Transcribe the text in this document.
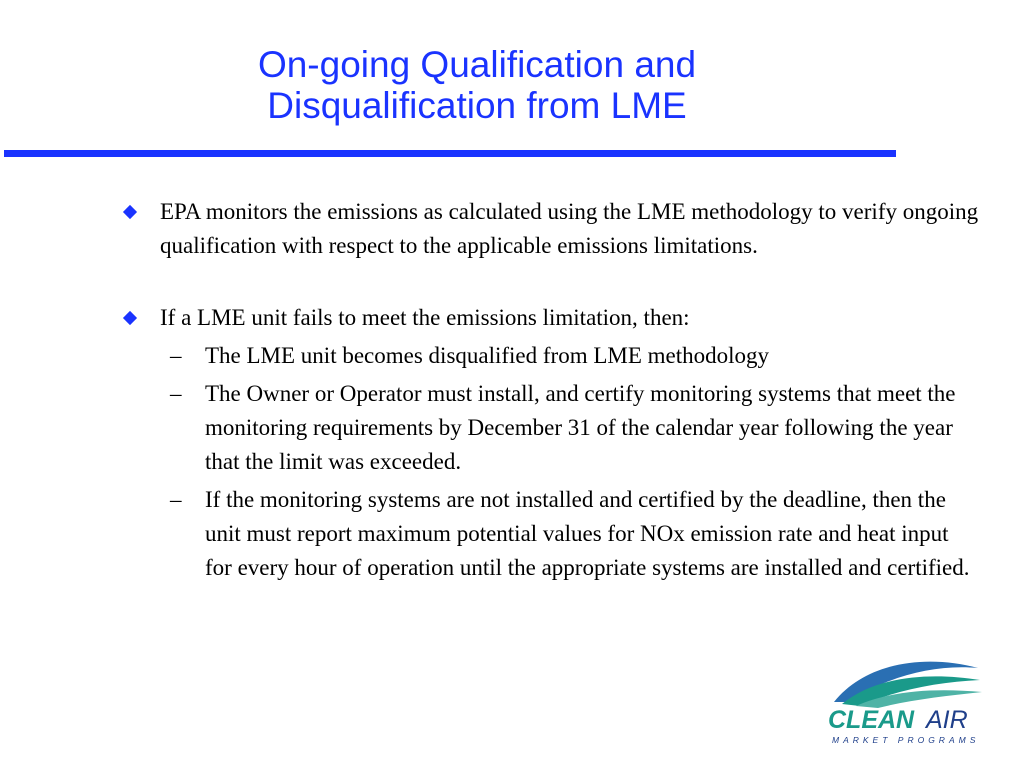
On-going Qualification and
Disqualification from LME
EPA monitors the emissions as calculated using the LME methodology to verify ongoing qualification with respect to the applicable emissions limitations.
If a LME unit fails to meet the emissions limitation, then:
– The LME unit becomes disqualified from LME methodology
– The Owner or Operator must install, and certify monitoring systems that meet the monitoring requirements by December 31 of the calendar year following the year that the limit was exceeded.
– If the monitoring systems are not installed and certified by the deadline, then the unit must report maximum potential values for NOx emission rate and heat input for every hour of operation until the appropriate systems are installed and certified.
CLEAN AIR
MARKET PROGRAMS
